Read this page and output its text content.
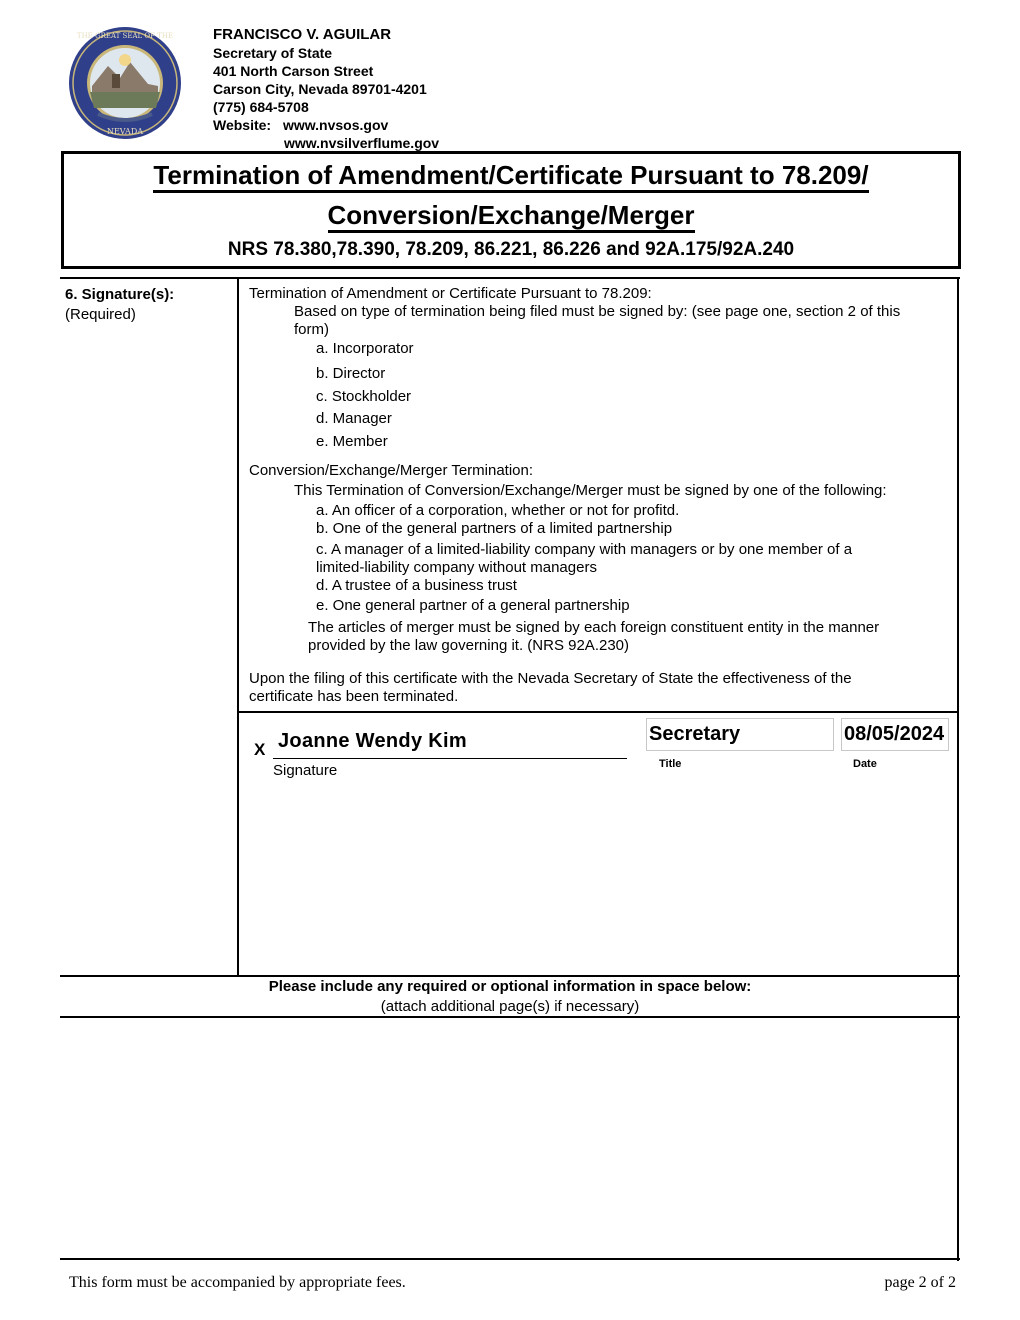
THE GREAT SEAL OF THE
NEVADA
FRANCISCO V. AGUILAR
Secretary of State
401 North Carson Street
Carson City, Nevada 89701-4201
(775) 684-5708
Website: www.nvsos.gov
www.nvsilverflume.gov
Termination of Amendment/Certificate Pursuant to 78.209/
Conversion/Exchange/Merger
NRS 78.380,78.390, 78.209, 86.221, 86.226 and 92A.175/92A.240
6. Signature(s):
(Required)
Termination of Amendment or Certificate Pursuant to 78.209:
Based on type of termination being filed must be signed by: (see page one, section 2 of this
form)
a. Incorporator
b. Director
c. Stockholder
d. Manager
e. Member
Conversion/Exchange/Merger Termination:
This Termination of Conversion/Exchange/Merger must be signed by one of the following:
a. An officer of a corporation, whether or not for profitd.
b. One of the general partners of a limited partnership
c. A manager of a limited-liability company with managers or by one member of a
limited-liability company without managers
d. A trustee of a business trust
e. One general partner of a general partnership
The articles of merger must be signed by each foreign constituent entity in the manner
provided by the law governing it. (NRS 92A.230)
Upon the filing of this certificate with the Nevada Secretary of State the effectiveness of the
certificate has been terminated.
X Joanne Wendy Kim
Signature
Secretary
Title
08/05/2024
Date
Please include any required or optional information in space below:
(attach additional page(s) if necessary)
This form must be accompanied by appropriate fees.	page 2 of 2
